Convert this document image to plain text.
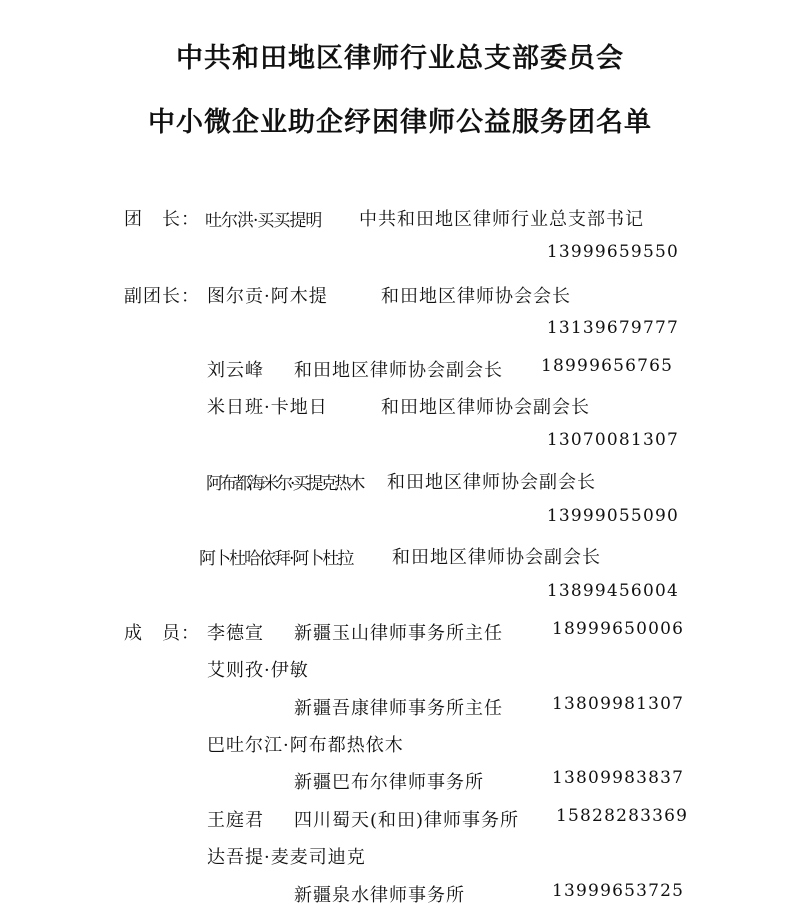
中共和田地区律师行业总支部委员会
中小微企业助企纾困律师公益服务团名单
团　长： 吐尔洪·买买提明 中共和田地区律师行业总支部书记
13999659550
副团长： 图尔贡·阿木提	和田地区律师协会会长
13139679777
刘云峰 和田地区律师协会副会长 18999656765
米日班·卡地日	和田地区律师协会副会长
13070081307
阿布都海米尔·买提克热木 和田地区律师协会副会长
13999055090
阿卜杜哈依拜·阿卜杜拉 和田地区律师协会副会长
13899456004
成　员： 李德宣 新疆玉山律师事务所主任	18999650006
艾则孜·伊敏
新疆吾康律师事务所主任	13809981307
巴吐尔江·阿布都热依木
新疆巴布尔律师事务所	13809983837
王庭君 四川蜀天(和田)律师事务所 15828283369
达吾提·麦麦司迪克
新疆泉水律师事务所	13999653725
